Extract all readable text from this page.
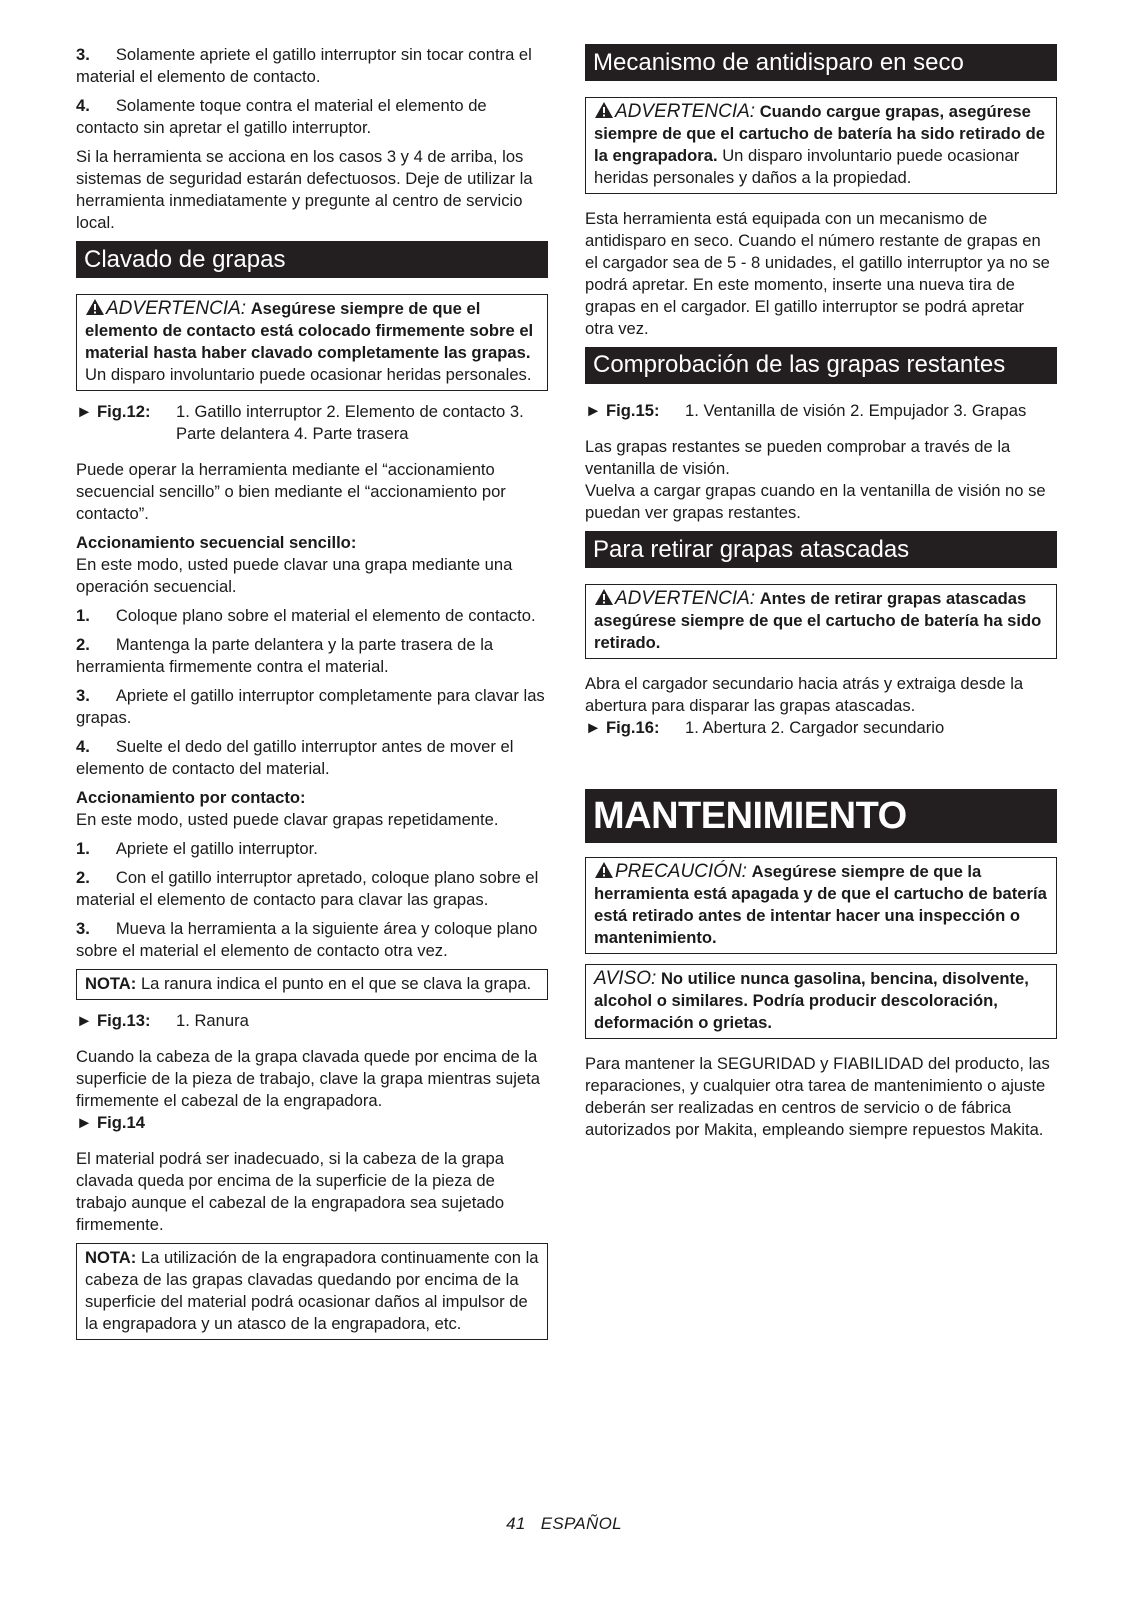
3. Solamente apriete el gatillo interruptor sin tocar contra el material el elemento de contacto.

4. Solamente toque contra el material el elemento de contacto sin apretar el gatillo interruptor.

Si la herramienta se acciona en los casos 3 y 4 de arriba, los sistemas de seguridad estarán defectuosos. Deje de utilizar la herramienta inmediatamente y pregunte al centro de servicio local.

Clavado de grapas

ADVERTENCIA: Asegúrese siempre de que el elemento de contacto está colocado firmemente sobre el material hasta haber clavado completamente las grapas. Un disparo involuntario puede ocasionar heridas personales.

► Fig.12:	1. Gatillo interruptor 2. Elemento de contacto 3. Parte delantera 4. Parte trasera

Puede operar la herramienta mediante el “accionamiento secuencial sencillo” o bien mediante el “accionamiento por contacto”.

Accionamiento secuencial sencillo:

En este modo, usted puede clavar una grapa mediante una operación secuencial.

1. Coloque plano sobre el material el elemento de contacto.

2. Mantenga la parte delantera y la parte trasera de la herramienta firmemente contra el material.

3. Apriete el gatillo interruptor completamente para clavar las grapas.

4. Suelte el dedo del gatillo interruptor antes de mover el elemento de contacto del material.

Accionamiento por contacto:

En este modo, usted puede clavar grapas repetidamente.

1. Apriete el gatillo interruptor.

2. Con el gatillo interruptor apretado, coloque plano sobre el material el elemento de contacto para clavar las grapas.

3. Mueva la herramienta a la siguiente área y coloque plano sobre el material el elemento de contacto otra vez.

NOTA: La ranura indica el punto en el que se clava la grapa.

► Fig.13:	1. Ranura

Cuando la cabeza de la grapa clavada quede por encima de la superficie de la pieza de trabajo, clave la grapa mientras sujeta firmemente el cabezal de la engrapadora.

► Fig.14

El material podrá ser inadecuado, si la cabeza de la grapa clavada queda por encima de la superficie de la pieza de trabajo aunque el cabezal de la engrapadora sea sujetado firmemente.

NOTA: La utilización de la engrapadora continuamente con la cabeza de las grapas clavadas quedando por encima de la superficie del material podrá ocasionar daños al impulsor de la engrapadora y un atasco de la engrapadora, etc.

Mecanismo de antidisparo en seco

ADVERTENCIA: Cuando cargue grapas, asegúrese siempre de que el cartucho de batería ha sido retirado de la engrapadora. Un disparo involuntario puede ocasionar heridas personales y daños a la propiedad.

Esta herramienta está equipada con un mecanismo de antidisparo en seco. Cuando el número restante de grapas en el cargador sea de 5 - 8 unidades, el gatillo interruptor ya no se podrá apretar. En este momento, inserte una nueva tira de grapas en el cargador. El gatillo interruptor se podrá apretar otra vez.

Comprobación de las grapas restantes
► Fig.15:	1. Ventanilla de visión 2. Empujador 3. Grapas

Las grapas restantes se pueden comprobar a través de la ventanilla de visión.

Vuelva a cargar grapas cuando en la ventanilla de visión no se puedan ver grapas restantes.

Para retirar grapas atascadas

ADVERTENCIA: Antes de retirar grapas atascadas asegúrese siempre de que el cartucho de batería ha sido retirado.

Abra el cargador secundario hacia atrás y extraiga desde la abertura para disparar las grapas atascadas.

► Fig.16:	1. Abertura 2. Cargador secundario
MANTENIMIENTO

PRECAUCIÓN: Asegúrese siempre de que la herramienta está apagada y de que el cartucho de batería está retirado antes de intentar hacer una inspección o mantenimiento.

AVISO: No utilice nunca gasolina, bencina, disolvente, alcohol o similares. Podría producir descoloración, deformación o grietas.

Para mantener la SEGURIDAD y FIABILIDAD del producto, las reparaciones, y cualquier otra tarea de mantenimiento o ajuste deberán ser realizadas en centros de servicio o de fábrica autorizados por Makita, empleando siempre repuestos Makita.

41 ESPAÑOL
